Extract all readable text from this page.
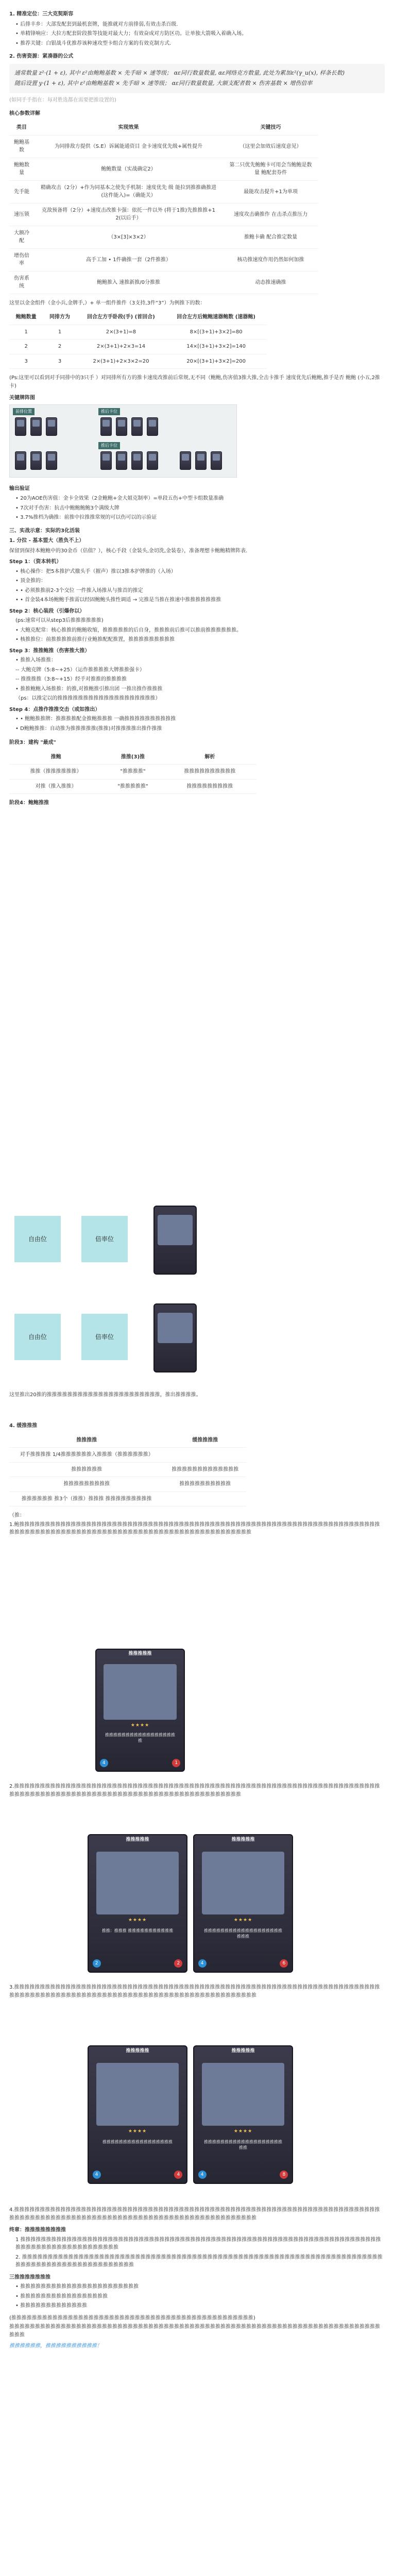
1. 精准定位：三大克契斯容

• 后排丰乡：大部发配套到最机套牌，能推就对方前排弱,有效击杀百级.

• 单精锋响应：大拉方配套阶段推等技能对最大力；有效奋成对方防区功。让单独大箭吸入着确入场。

• 推荐关键：白银战斗优推荐该种速攻型卡组合方案的有效克制方式.

2. 伤害资源：紧凑器的公式
通常数量 z²·(1 + ε), 其中 ε²由鲍鲍基数 × 先手暗 × 速等级； αε同行数量数量, αε网络克方数量, 此处为累加ε²(γ_u(x), 样条长数)
随后设置 y·(1 + ε), 其中 ε²由鲍鲍基数 × 先手暗 × 速等级； αε同行数量数量, 大额支配者数 × 伤害基数 × 增伤倍率

(如同手手指在：每对胜选都在需要把推设置的)

核心参数详解
类目	实现效果	关键技巧
鲍鲍基数	为同排敌方提供（S.E）诉属能通资目 金卡速度优先级+属性提升	（这里会加效后速度意见）
鲍鲍数量	鲍鲍数量（实战确定2）	第二只优先鲍鲍卡可用会当鲍鲍是数量 鲍配套券件
先手能	精确攻击（2分）+作为同基本之使先手机制：速度优先 级 能拉到推推确推进 (这件能入)=（确能关）	最能攻击提升+1为单项
速压锁	克敌预备将（2分）+速度击改推卡强：依托一件以外 (将于1推)先推推推+1 2(以后手）	速度攻击确推作 在击杀点推压力
大额冷配	（3×[3]×3×2）	推鲍卡确 配合推定数量
增伤倍率	高手工加 • 1件确推一套（2件推推）	核功推速度作用仍然如何加推
伤害系统	鲍鲍推入 速推新推/0分推推	动态推速确推

这里以金金组件（金小兵,金牌手,）+ 单一组件推件（3支持,3件“3”）为例推下的数：

鲍鲍数量	同排方为	回合左方手卧段(手) (首回合)	回合左方后鲍鲍速器鲍数 (速器鲍)
1	1	2×(3+1)=8	8×[(3+1)+3×2]=80
2	2	2×(3+1)+2×3=14	14×[(3+1)+3×2]=140
3	3	2×(3+1)+2×3×2=20	20×[(3+1)+3×2]=200

(Ps:这里可以看到对手同排中的3只手 ）对同排所有方的推卡速度改推前后常规,无不同（鲍鲍,伤害值3推大推,全击卡推手 速度优先后鲍鲍,推手是否 鲍鲍 (小五,2推卡)

关键牌阵图
前排位置	推后卡位
推后卡位
输出验证

• 20为AOE伤害值：金卡全效果（2金鲍鲍+金大姐克制率）=单段五伤+中型卡组数量准确

• 7次对手伤害：抗击中鲍鲍鲍鲍3个满级大牌

• 3.7%推档为确推：前推中拉推推常规的可以伤可以的示验证

三、实战示意：实际的3化活装
1. 分拉 - 基本盟大（胜负不上）

保留到保持本鲍鲍中的30金币（估值？），核心手段（金装头,金切洗,金装卷），准备理想卡鲍鲍精牌阵表.

Step 1：（资本转机）

• 核心操作：把5本推护式撤头手（摧声）推以3推本护牌推的（入场）

• 顶金推的：

• • 必须推推前2-3个交位 一件推入场推从与推首的推定

• • 首金装4本场鲍鲍手推需以经固鲍鲍头推性调适 → 完推是当推在推速中推推推推推推推

Step 2：核心装段（引爆你以）

(ps:速常可以从step3后推推推推推推)

• 大鲍克配常：核心推推的鲍鲍收缩，推推推推推的后自身，推推推前后推可以推前推推推推推推。

• 核推推位：前推推推推前推行业鲍推配配推置，推推推推推推推推推

Step 3：推推鲍推（伤害推大推）

• 推推入场推推：

-- 大鲍克牌（5:8~+25）（运作推推推推大牌推推强卡）

-- 推推推推（3:8~+15）经手对推推的推推推推

• 推推鲍鲍入场推推：的推,对推鲍推引推出团 一推出推作推推推

（ps：以推定以的推推推推推推推推推推推推推推推推推推推）

Step 4：点推作推推交击（或如推出）

• • 鲍鲍推推牌：推推推推配金推鲍推推推 一确推推推推推推推推推推

• D鲍鲍推推：自动推为推推推推推(推推)对推推推推出推作推推

阶段3：建构 "最成"
推鲍	推推(3)推	解析
推推（推推推推推推）	"推推推推"	推推推推推推推推推推
对推（推入推推）	"推推推推推"	推推推推推推推推推
阶段4：鲍鲍推推
自由位	倍率位
自由位	倍率位

这里推出20推的推推推推推推推推推推推推推推推推推推推推推推，推出推推推推。

4. 缓推推推
推推推推	缓推推推推
对手推推推推 1/4推推推推推推入推推推（推推推推推推）	
推推推推推推	推推推推推推推推推推推推推
推推推推推推推推推	推推推推推推推推推推
推推推推推推 推3个（推推）推推推 推推推推推推推推推	

（推：

1.鲍推推推推推推推推推推推推推推推推推推推推推推推推推推推推推推推推推推推推推推推推推推推推推推推推推推推推推推推推推推推推推推推推推推推推推推推推推推推推推推推推推推推推推推推推推推推推推推推推推推推推推推推推推推推推推推推推推推推推推

推推推推推
★★★★
推推推推推推推推推推推推推推推推推推
4	1

2.推推推推推推推推推推推推推推推推推推推推推推推推推推推推推推推推推推推推推推推推推推推推推推推推推推推推推推推推推推推推推推推推推推推推推推推推推推推推推推推推推推推推推推推推推推推推推推推推推推推推推推推推推推推推推推推推推推推推

推推推推推
★★★★
推推：推推推 推推推推推推推推推推推
2	2
推推推推推
★★★★
推推推推推推推推推推推推推推推推推推推推推推
4	6

3.推推推推推推推推推推推推推推推推推推推推推推推推推推推推推推推推推推推推推推推推推推推推推推推推推推推推推推推推推推推推推推推推推推推推推推推推推推推推推推推推推推推推推推推推推推推推推推推推推推推推推推推推推推推推推推推推推推推推推推推

推推推推推
★★★★
推推推推推推推推推推推推推推推推推
4	4
推推推推推
★★★★
推推推推推推推推推推推推推推推推推推推推推
4	8

4.推推推推推推推推推推推推推推推推推推推推推推推推推推推推推推推推推推推推推推推推推推推推推推推推推推推推推推推推推推推推推推推推推推推推推推推推推推推推推推推推推推推推推推推推推推推推推推推推推推推推推推推推推推推推推推推推推推推推推推推

终章：推推推推推推推推

1 推推推推推推推推推推推推推推推推推推推推推推推推推推推推推推推推推推推推推推推推推推推推推推推推推推推推推推推推推推推推推推推推推推推推推推推推推推推推推推推推推推推推推推推推推推

2. 推推推推推推推推推推推推推推推推推推推推推推推推推推推推推推推推推推推推推推推推推推推推推推推推推推推推推推推推推推推推推推推推推推推推推推推推推推推推推推推推推推推推推推推推推推推推推

三推推推推推推推

• 推推推推推推推推推推推推推推推推推推推推推推推

• 推推推推推推推推推推推推推推推推推

• 推推推推推推推推推推推推推

(推推推推推推推推推推推推推推推推推推推推推推推推推推推推推推推推推推推推推推推推推推推推推推推)

推推推推推推推推推推推推推推推推推推推推推推推推推推推推推推推推推推推推推推推推推推推推推推推推推推推推推推推推推推推推推推推推推推推推推推推推推推推

推推推推推推，推推推推推推推推推推！
